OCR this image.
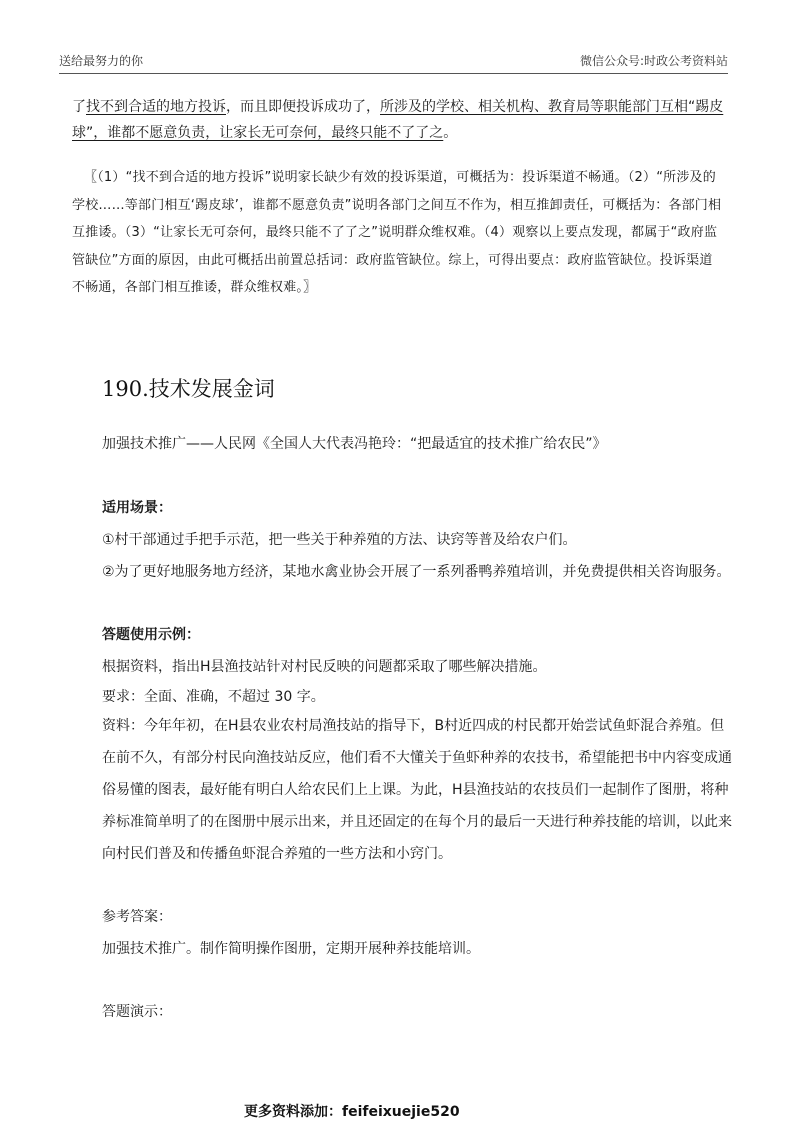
送给最努力的你	微信公众号:时政公考资料站
了找不到合适的地方投诉，而且即便投诉成功了，所涉及的学校、相关机构、教育局等职能部门互相“踢皮球”，谁都不愿意负责，让家长无可奈何，最终只能不了了之。
〖（1）“找不到合适的地方投诉”说明家长缺少有效的投诉渠道，可概括为：投诉渠道不畅通。（2）“所涉及的学校……等部门相互‘踢皮球’，谁都不愿意负责”说明各部门之间互不作为，相互推卸责任，可概括为：各部门相互推诿。（3）“让家长无可奈何，最终只能不了了之”说明群众维权难。（4）观察以上要点发现，都属于“政府监管缺位”方面的原因，由此可概括出前置总括词：政府监管缺位。综上，可得出要点：政府监管缺位。投诉渠道不畅通，各部门相互推诿，群众维权难。〗
190.技术发展金词
加强技术推广——人民网《全国人大代表冯艳玲：“把最适宜的技术推广给农民”》
适用场景：
①村干部通过手把手示范，把一些关于种养殖的方法、诀窍等普及给农户们。
②为了更好地服务地方经济，某地水禽业协会开展了一系列番鸭养殖培训，并免费提供相关咨询服务。
答题使用示例：
根据资料，指出H县渔技站针对村民反映的问题都采取了哪些解决措施。
要求：全面、准确，不超过 30 字。
资料：今年年初，在H县农业农村局渔技站的指导下，B村近四成的村民都开始尝试鱼虾混合养殖。但在前不久，有部分村民向渔技站反应，他们看不大懂关于鱼虾种养的农技书，希望能把书中内容变成通俗易懂的图表，最好能有明白人给农民们上上课。为此，H县渔技站的农技员们一起制作了图册，将种养标准简单明了的在图册中展示出来，并且还固定的在每个月的最后一天进行种养技能的培训，以此来向村民们普及和传播鱼虾混合养殖的一些方法和小窍门。
参考答案：
加强技术推广。制作简明操作图册，定期开展种养技能培训。
答题演示：
更多资料添加：feifeixuejie520
